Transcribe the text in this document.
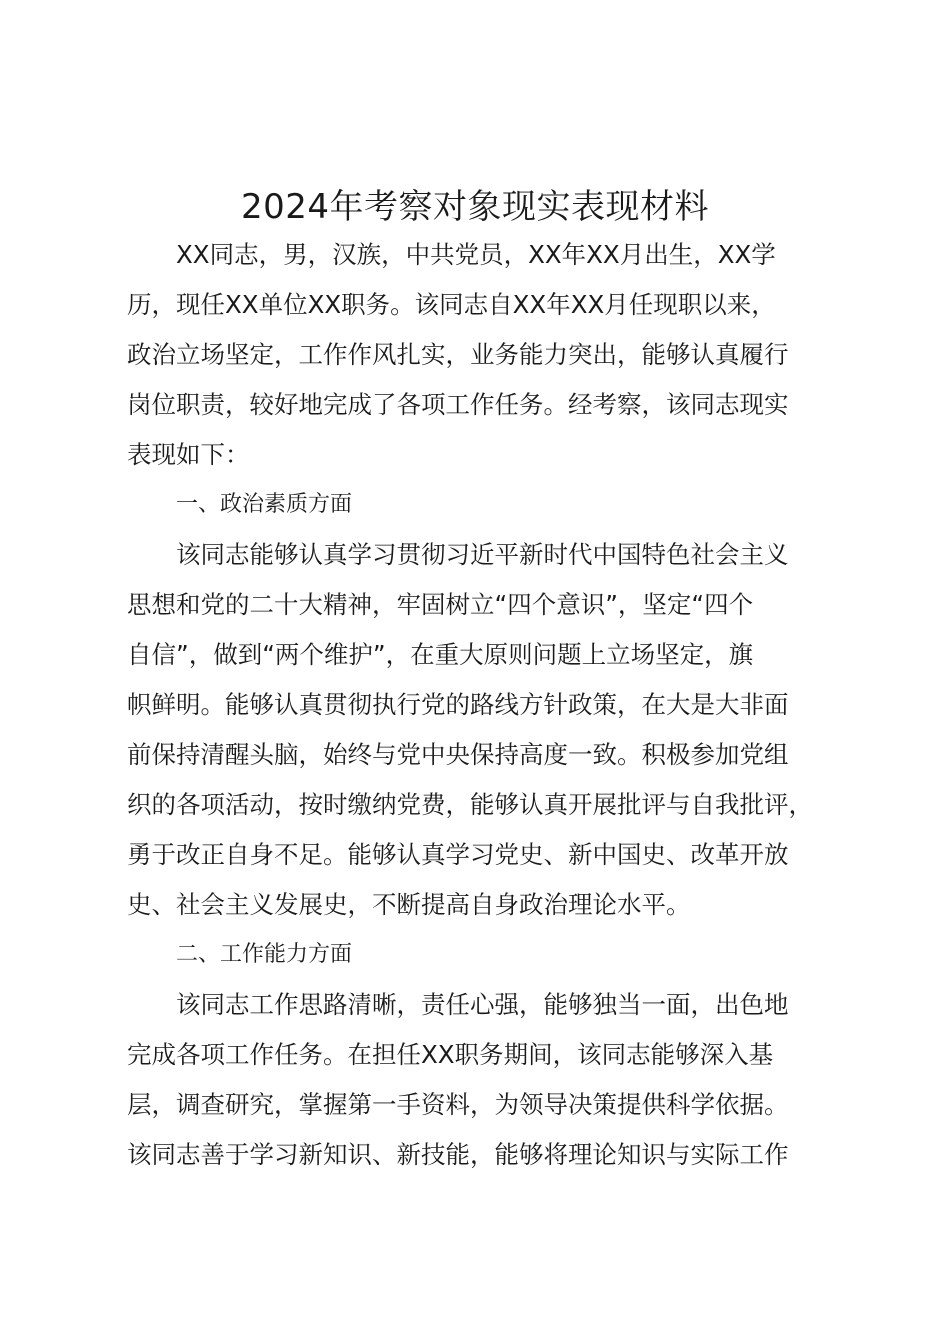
2024年考察对象现实表现材料

XX同志，男，汉族，中共党员，XX年XX月出生，XX学

历，现任XX单位XX职务。该同志自XX年XX月任现职以来，
政治立场坚定，工作作风扎实，业务能力突出，能够认真履行
岗位职责，较好地完成了各项工作任务。经考察，该同志现实
表现如下：

一、政治素质方面

该同志能够认真学习贯彻习近平新时代中国特色社会主义

思想和党的二十大精神，牢固树立“四个意识”，坚定“四个
自信”，做到“两个维护”，在重大原则问题上立场坚定，旗
帜鲜明。能够认真贯彻执行党的路线方针政策，在大是大非面
前保持清醒头脑，始终与党中央保持高度一致。积极参加党组
织的各项活动，按时缴纳党费，能够认真开展批评与自我批评，
勇于改正自身不足。能够认真学习党史、新中国史、改革开放
史、社会主义发展史，不断提高自身政治理论水平。

二、工作能力方面

该同志工作思路清晰，责任心强，能够独当一面，出色地

完成各项工作任务。在担任XX职务期间，该同志能够深入基
层，调查研究，掌握第一手资料，为领导决策提供科学依据。
该同志善于学习新知识、新技能，能够将理论知识与实际工作
